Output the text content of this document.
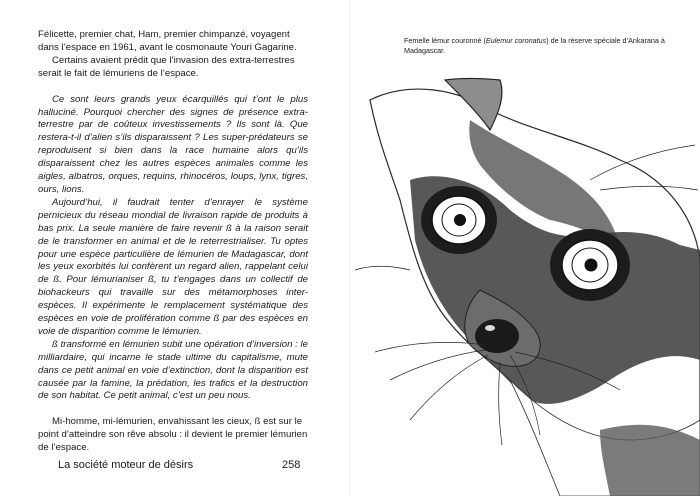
Félicette, premier chat, Ham, premier chimpanzé, voyagent dans l’espace en 1961, avant le cosmonaute Youri Gagarine.

Certains avaient prédit que l’invasion des extra-terrestres serait le fait de lémuriens de l’espace.

Ce sont leurs grands yeux écarquillés qui t’ont le plus halluciné. Pourquoi chercher des signes de présence extra-terrestre par de coûteux investissements ? Ils sont là. Que restera-t-il d’alien s’ils disparaissent ? Les super-prédateurs se reproduisent si bien dans la race humaine alors qu’ils disparaissent chez les autres espèces animales comme les aigles, albatros, orques, requins, rhinocéros, loups, lynx, tigres, ours, lions.

Aujourd’hui, il faudrait tenter d’enrayer le système pernicieux du réseau mondial de livraison rapide de produits à bas prix. La seule manière de faire revenir ß à la raison serait de le transformer en animal et de le reterrestrialiser. Tu optes pour une espèce particulière de lémurien de Madagascar, dont les yeux exorbités lui confèrent un regard alien, rappelant celui de ß. Pour lémurianiser ß, tu t’engages dans un collectif de biohackeurs qui travaille sur des métamorphoses inter-espèces. Il expérimente le remplacement systématique des espèces en voie de prolifération comme ß par des espèces en voie de disparition comme le lémurien.

ß transformé en lémurien subit une opération d’inversion : le milliardaire, qui incarne le stade ultime du capitalisme, mute dans ce petit animal en voie d’extinction, dont la disparition est causée par la famine, la prédation, les trafics et la destruction de son habitat. Ce petit animal, c’est un peu nous.

Mi-homme, mi-lémurien, envahissant les cieux, ß est sur le point d’atteindre son rêve absolu : il devient le premier lémurien de l’espace.

La société moteur de désirs	258
Femelle lémur couronné (Eulemur coronatus) de la réserve spéciale d’Ankarana à Madagascar.
